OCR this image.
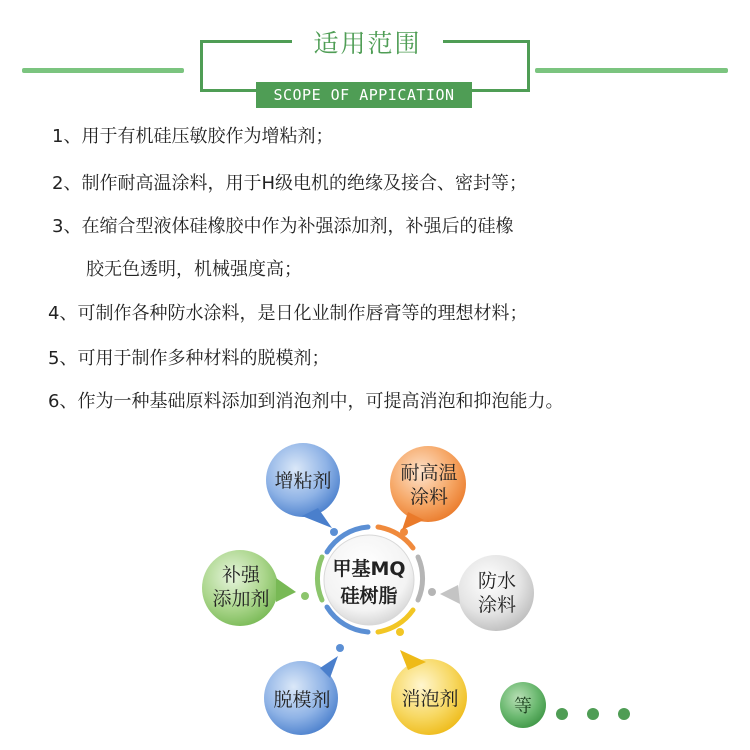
适用范围
SCOPE OF APPICATION
1、用于有机硅压敏胶作为增粘剂；
2、制作耐高温涂料，用于H级电机的绝缘及接合、密封等；
3、在缩合型液体硅橡胶中作为补强添加剂，补强后的硅橡
胶无色透明，机械强度高；
4、可制作各种防水涂料，是日化业制作唇膏等的理想材料；
5、可用于制作多种材料的脱模剂；
6、作为一种基础原料添加到消泡剂中，可提高消泡和抑泡能力。
甲基MQ
硅树脂
增粘剂	耐高温
涂料
防水
涂料
消泡剂
脱模剂
补强
添加剂
等
